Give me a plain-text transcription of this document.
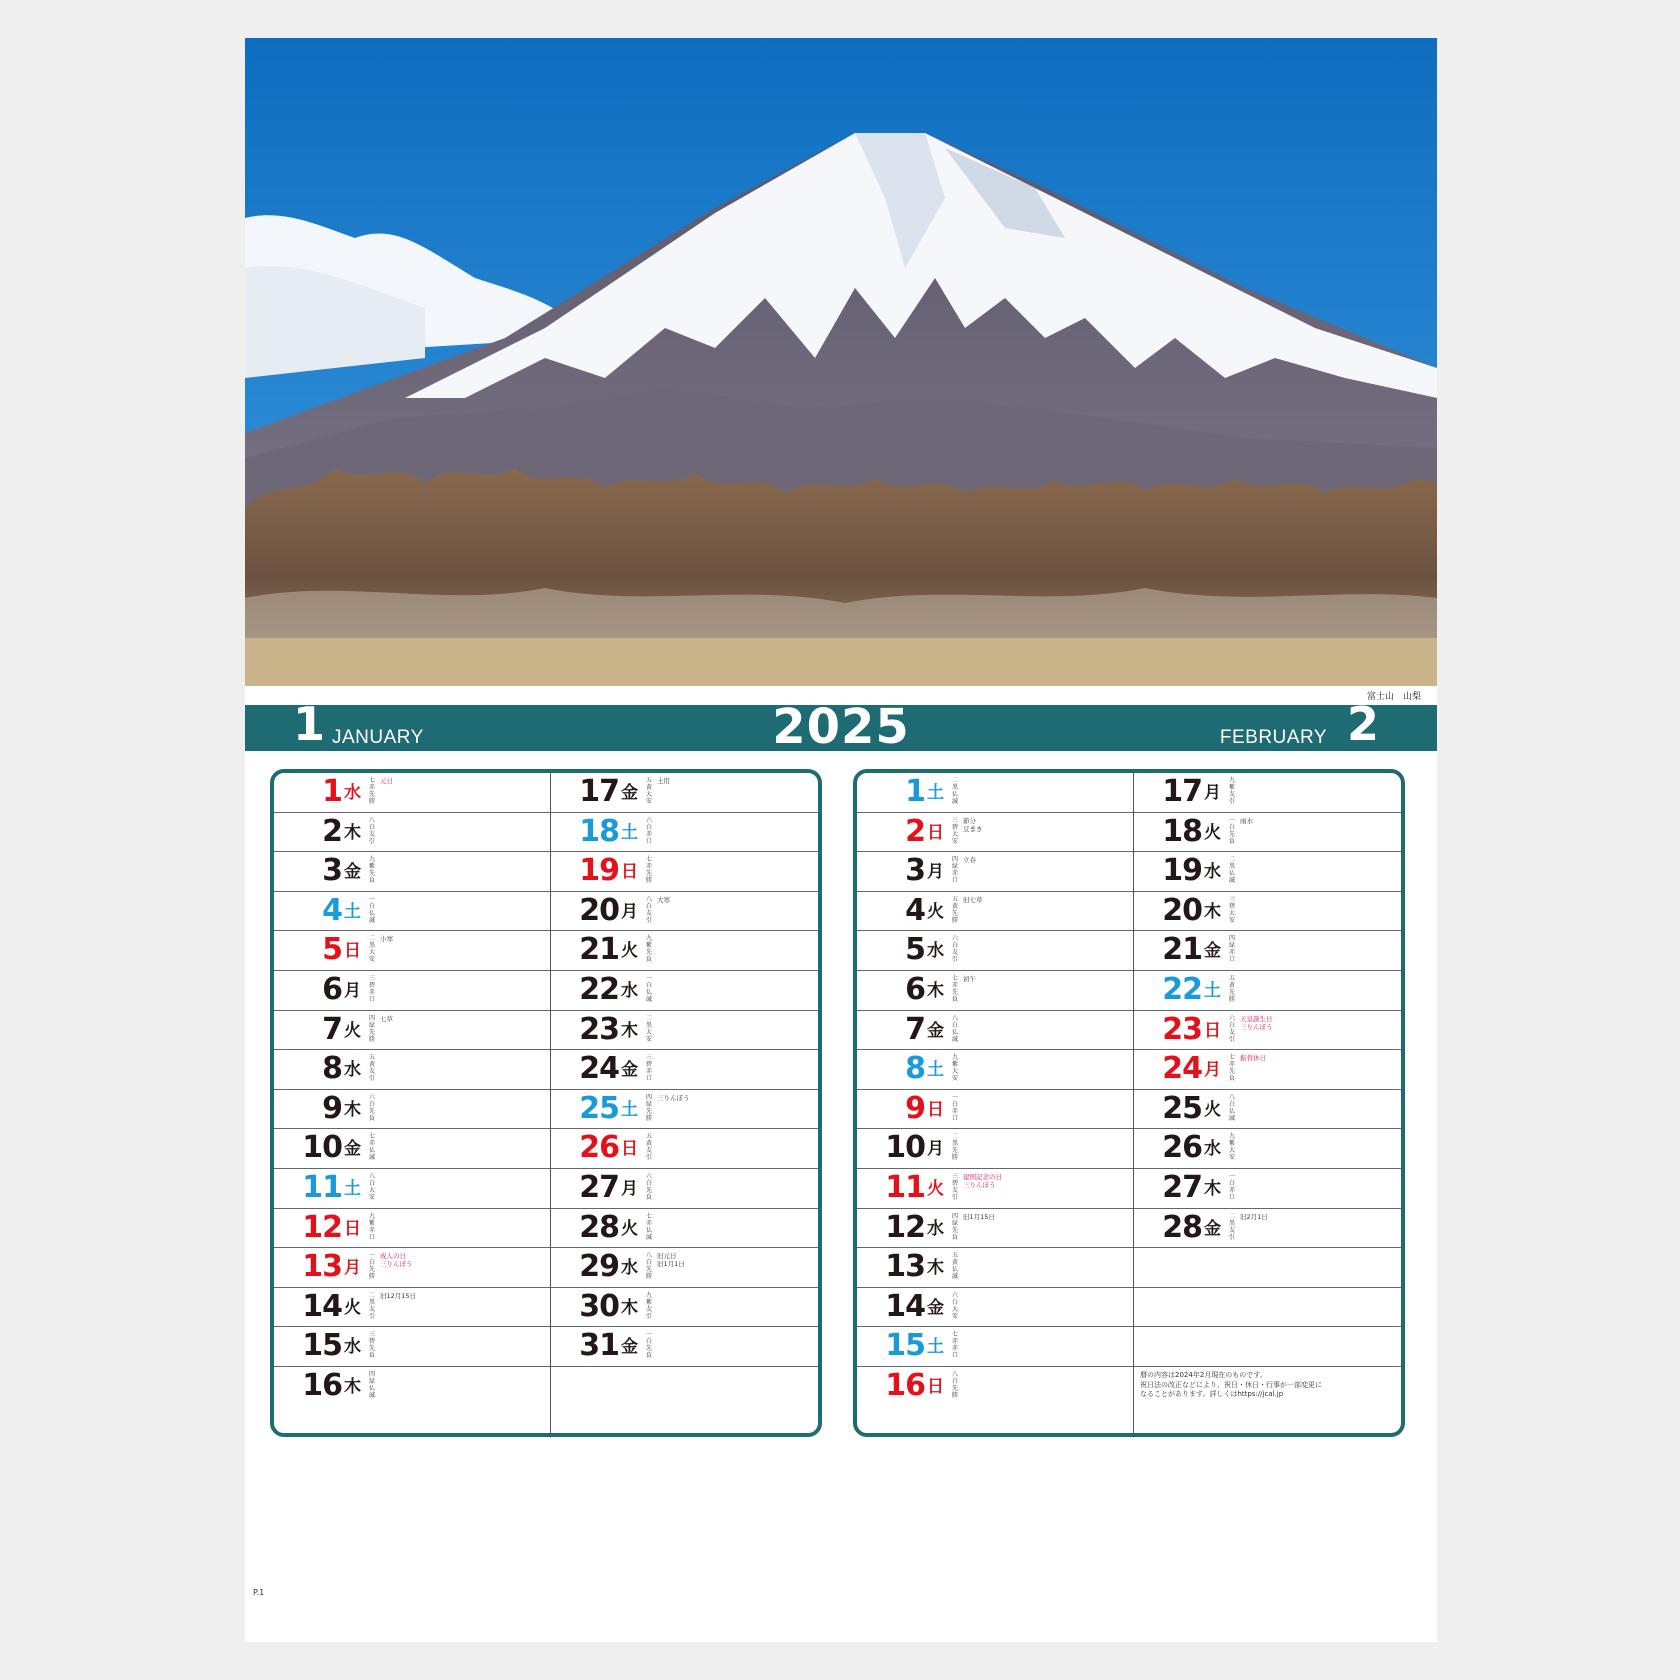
富士山　山梨
1 JANUARY	2025	FEBRUARY 2
1 水
七赤 先勝
元日
2 木
八白 友引
3 金
九紫 先負
4 土
一白 仏滅
5 日
二黒 大安
小寒
6 月
三碧 赤口
7 火
四緑 先勝
七草
8 水
五黄 友引
9 木
六白 先負
10 金
七赤 仏滅
11 土
八白 大安
12 日
九紫 赤口
13 月
一白 先勝
成人の日
三りんぼう
14 火
二黒 友引
旧12月15日
15 水
三碧 先負
16 木
四緑 仏滅
17 金
五黄 大安
土用
18 土
六白 赤口
19 日
七赤 先勝
20 月
八白 友引
大寒
21 火
九紫 先負
22 水
一白 仏滅
23 木
二黒 大安
24 金
三碧 赤口
25 土
四緑 先勝
三りんぼう
26 日
五黄 友引
27 月
六白 先負
28 火
七赤 仏滅
29 水
八白 先勝
旧元日
旧1月1日
30 木
九紫 友引
31 金
一白 先負
1 土
二黒 仏滅
2 日
三碧 大安
節分
豆まき
3 月
四緑 赤口
立春
4 火
五黄 先勝
旧七草
5 水
六白 友引
6 木
七赤 先負
初午
7 金
八白 仏滅
8 土
九紫 大安
9 日
一白 赤口
10 月
二黒 先勝
11 火
三碧 友引
建国記念の日
三りんぼう
12 水
四緑 先負
旧1月15日
13 木
五黄 仏滅
14 金
六白 大安
15 土
七赤 赤口
16 日
八白 先勝
17 月
九紫 友引
18 火
一白 先負
雨水
19 水
二黒 仏滅
20 木
三碧 大安
21 金
四緑 赤口
22 土
五黄 先勝
23 日
六白 友引
天皇誕生日
三りんぼう
24 月
七赤 先負
振替休日
25 火
八白 仏滅
26 水
九紫 大安
27 木
一白 赤口
28 金
二黒 友引
旧2月1日
暦の内容は2024年2月現在のものです。
祝日法の改正などにより、祝日・休日・行事が一部変更に
なることがあります。詳しくはhttps://jcal.jp
P.1
